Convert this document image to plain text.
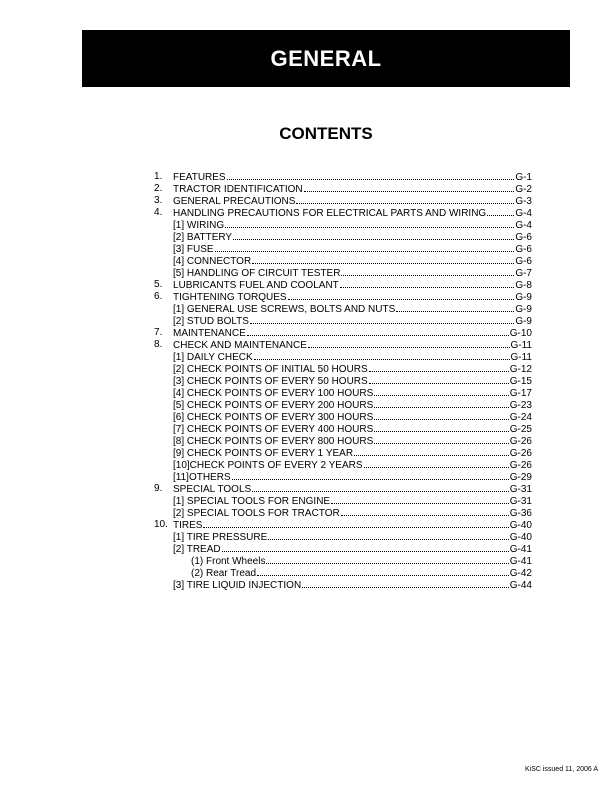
GENERAL
CONTENTS
1. FEATURES	G-1
2. TRACTOR IDENTIFICATION	G-2
3. GENERAL PRECAUTIONS	G-3
4. HANDLING PRECAUTIONS FOR ELECTRICAL PARTS AND WIRING	G-4
[1] WIRING	G-4
[2] BATTERY	G-6
[3] FUSE	G-6
[4] CONNECTOR	G-6
[5] HANDLING OF CIRCUIT TESTER	G-7
5. LUBRICANTS FUEL AND COOLANT	G-8
6. TIGHTENING TORQUES	G-9
[1] GENERAL USE SCREWS, BOLTS AND NUTS	G-9
[2] STUD BOLTS	G-9
7. MAINTENANCE	G-10
8. CHECK AND MAINTENANCE	G-11
[1] DAILY CHECK	G-11
[2] CHECK POINTS OF INITIAL 50 HOURS	G-12
[3] CHECK POINTS OF EVERY 50 HOURS	G-15
[4] CHECK POINTS OF EVERY 100 HOURS	G-17
[5] CHECK POINTS OF EVERY 200 HOURS	G-23
[6] CHECK POINTS OF EVERY 300 HOURS	G-24
[7] CHECK POINTS OF EVERY 400 HOURS	G-25
[8] CHECK POINTS OF EVERY 800 HOURS	G-26
[9] CHECK POINTS OF EVERY 1 YEAR	G-26
[10]CHECK POINTS OF EVERY 2 YEARS	G-26
[11]OTHERS	G-29
9. SPECIAL TOOLS	G-31
[1] SPECIAL TOOLS FOR ENGINE	G-31
[2] SPECIAL TOOLS FOR TRACTOR	G-36
10. TIRES	G-40
[1] TIRE PRESSURE	G-40
[2] TREAD	G-41
(1) Front Wheels	G-41
(2) Rear Tread	G-42
[3] TIRE LIQUID INJECTION	G-44
KiSC issued 11, 2006 A
